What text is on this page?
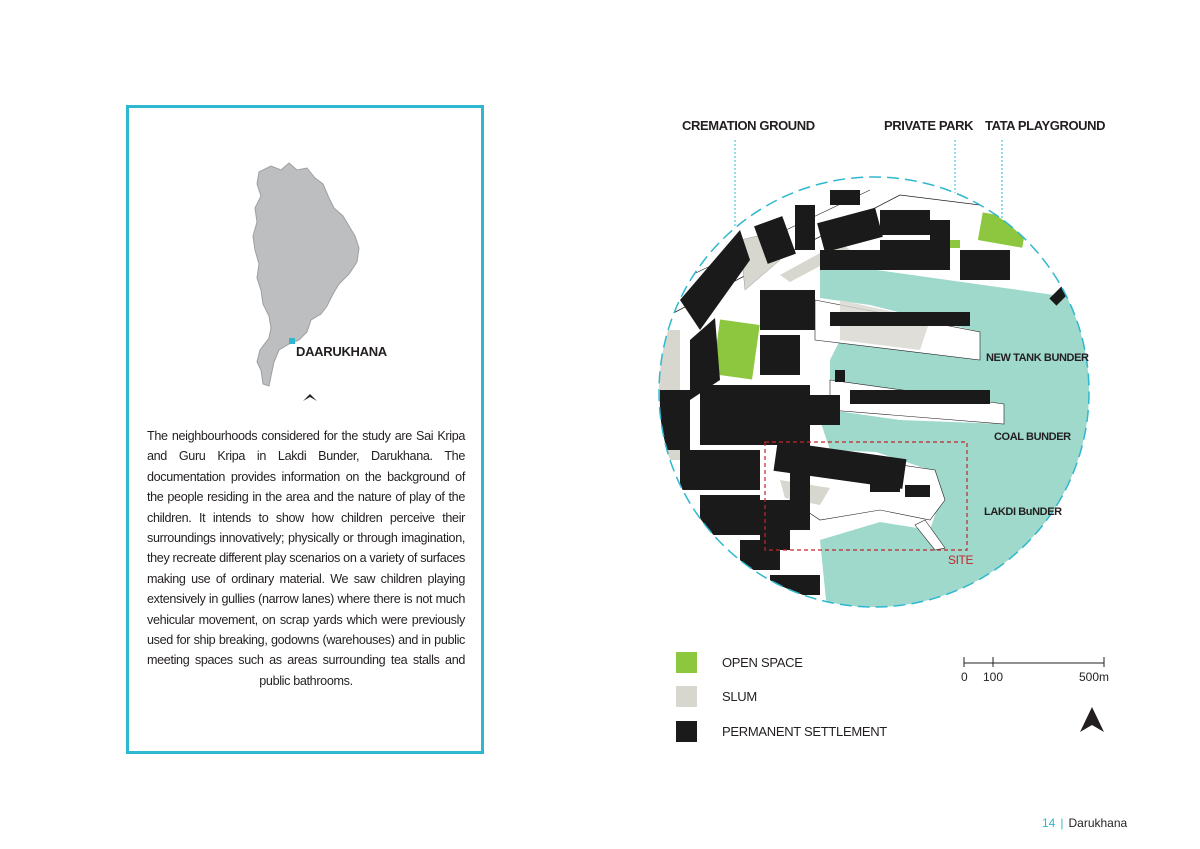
DAARUKHANA
The neighbourhoods considered for the study are Sai Kripa and Guru Kripa in Lakdi Bunder, Darukhana. The documentation provides information on the background of the people residing in the area and the nature of play of the children. It intends to show how children perceive their surroundings innovatively; physically or through imagination, they recreate different play scenarios on a variety of surfaces making use of ordinary material. We saw children playing extensively in gullies (narrow lanes) where there is not much vehicular movement, on scrap yards which were previously used for ship breaking, godowns (warehouses) and in public meeting spaces such as areas surrounding tea stalls and public bathrooms.
CREMATION GROUND	PRIVATE PARK TATA PLAYGROUND
NEW TANK BUNDER
COAL BUNDER
LAKDI BuNDER
SITE
OPEN SPACE
SLUM
PERMANENT SETTLEMENT
0 100	500m
14 | Darukhana
